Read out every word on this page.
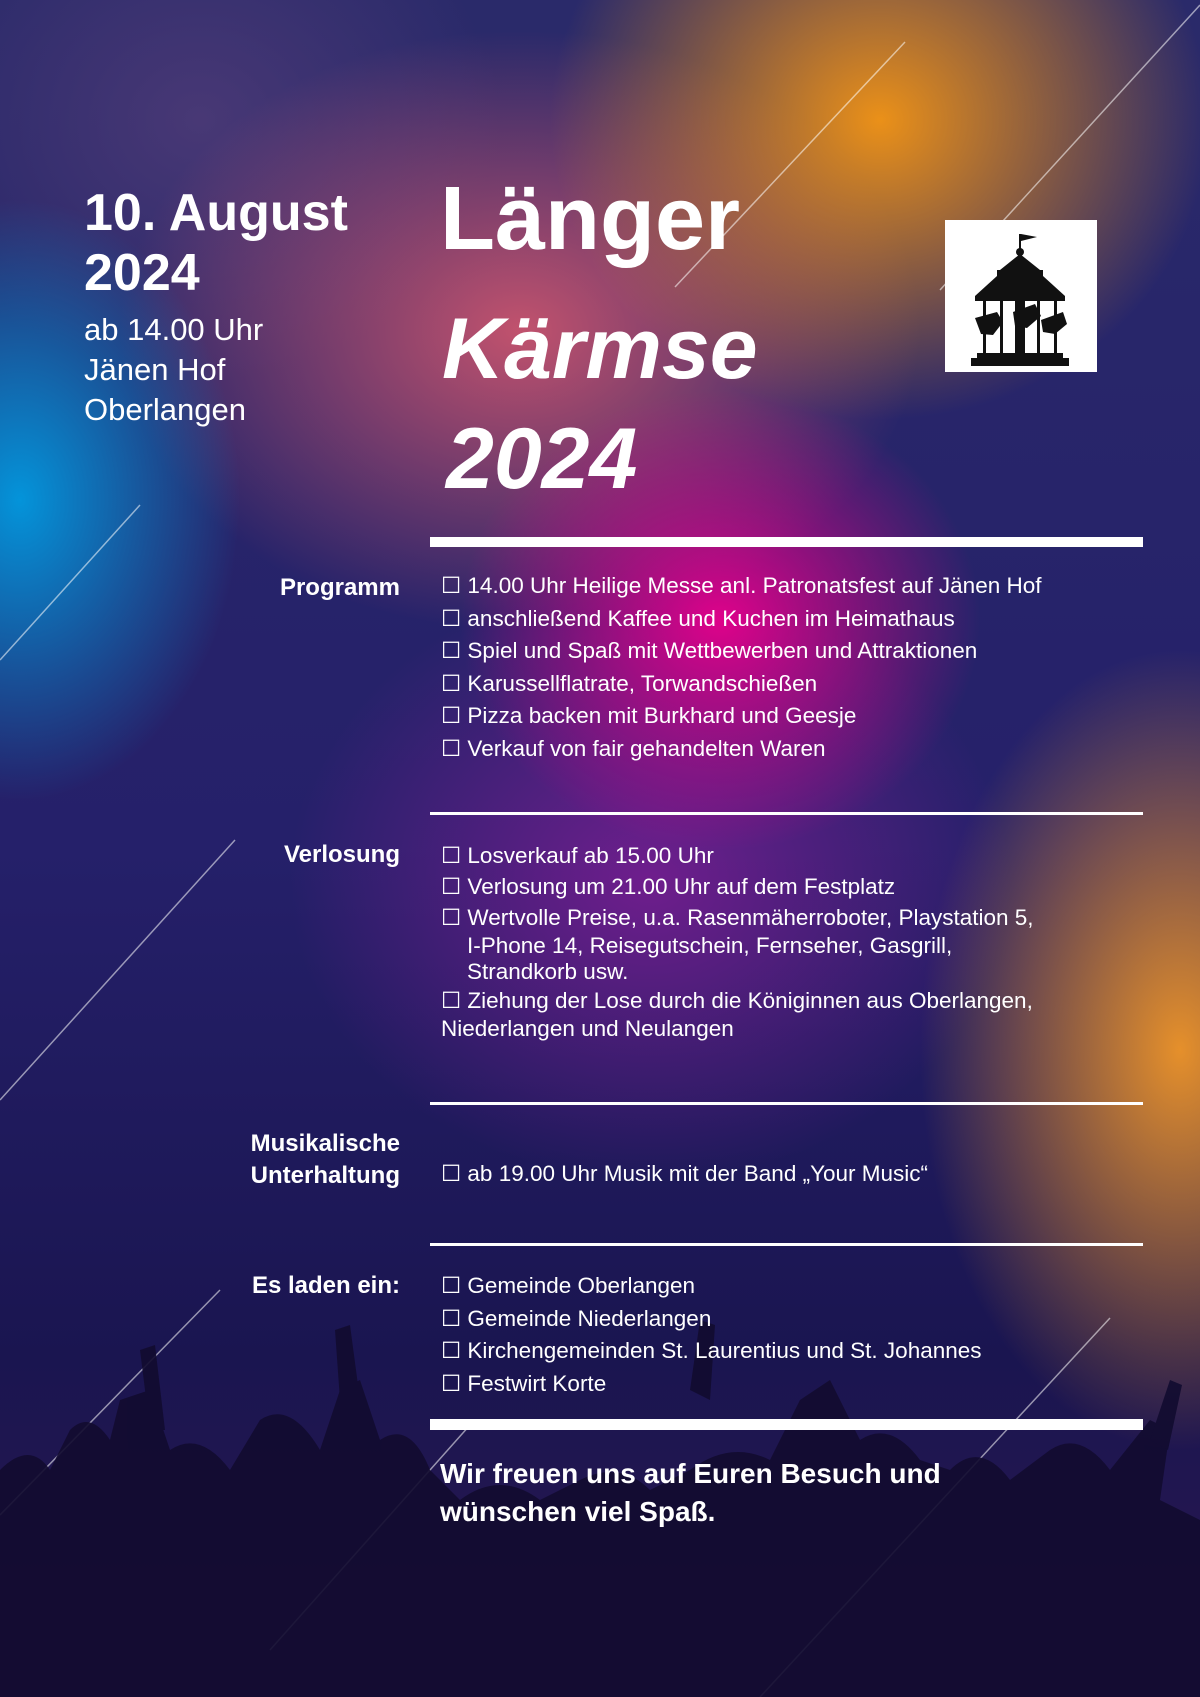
10. August
2024
ab 14.00 Uhr
Jänen Hof
Oberlangen
Länger
Kärmse
2024
Programm ☐ 14.00 Uhr Heilige Messe anl. Patronatsfest auf Jänen Hof
☐ anschließend Kaffee und Kuchen im Heimathaus
☐ Spiel und Spaß mit Wettbewerben und Attraktionen
☐ Karussellflatrate, Torwandschießen
☐ Pizza backen mit Burkhard und Geesje
☐ Verkauf von fair gehandelten Waren
Verlosung ☐ Losverkauf ab 15.00 Uhr
☐ Verlosung um 21.00 Uhr auf dem Festplatz
☐ Wertvolle Preise, u.a. Rasenmäherroboter, Playstation 5,
I-Phone 14, Reisegutschein, Fernseher, Gasgrill,
Strandkorb usw.
☐ Ziehung der Lose durch die Königinnen aus Oberlangen,
Niederlangen und Neulangen
Musikalische
Unterhaltung ☐ ab 19.00 Uhr Musik mit der Band „Your Music“
Es laden ein: ☐ Gemeinde Oberlangen
☐ Gemeinde Niederlangen
☐ Kirchengemeinden St. Laurentius und St. Johannes
☐ Festwirt Korte
Wir freuen uns auf Euren Besuch und
wünschen viel Spaß.
